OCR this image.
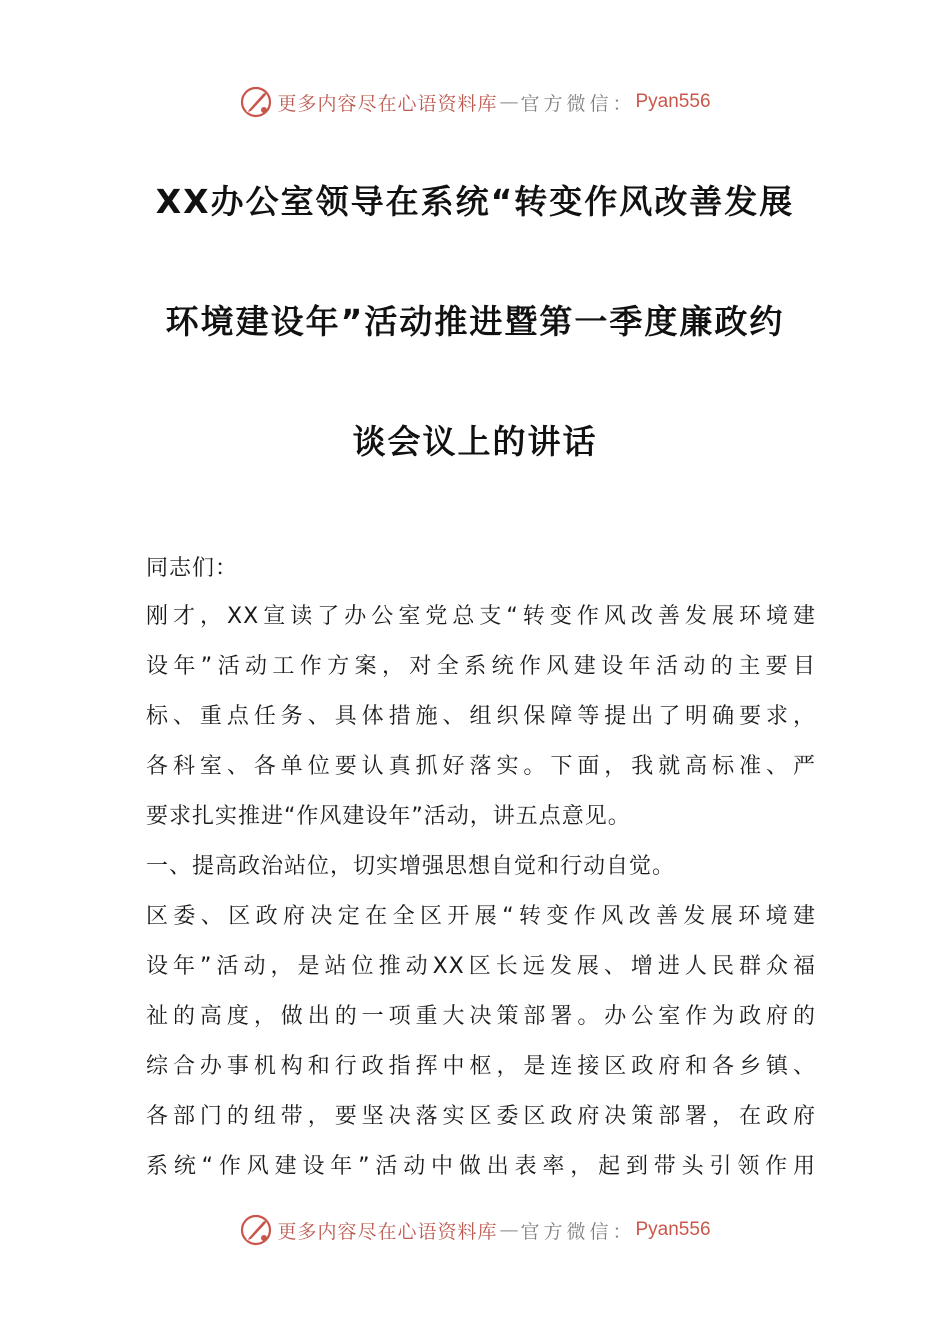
更多内容尽在心语资料库 — 官方微信： Pyan556
XX办公室领导在系统“转变作风改善发展
环境建设年”活动推进暨第一季度廉政约
谈会议上的讲话
同志们：
刚才，XX宣读了办公室党总支“转变作风改善发展环境建
设年”活动工作方案，对全系统作风建设年活动的主要目
标、重点任务、具体措施、组织保障等提出了明确要求，
各科室、各单位要认真抓好落实。下面，我就高标准、严
要求扎实推进“作风建设年”活动，讲五点意见。
一、提高政治站位，切实增强思想自觉和行动自觉。
区委、区政府决定在全区开展“转变作风改善发展环境建
设年”活动，是站位推动XX区长远发展、增进人民群众福
祉的高度，做出的一项重大决策部署。办公室作为政府的
综合办事机构和行政指挥中枢，是连接区政府和各乡镇、
各部门的纽带，要坚决落实区委区政府决策部署，在政府
系统“作风建设年”活动中做出表率，起到带头引领作用
更多内容尽在心语资料库 — 官方微信： Pyan556
